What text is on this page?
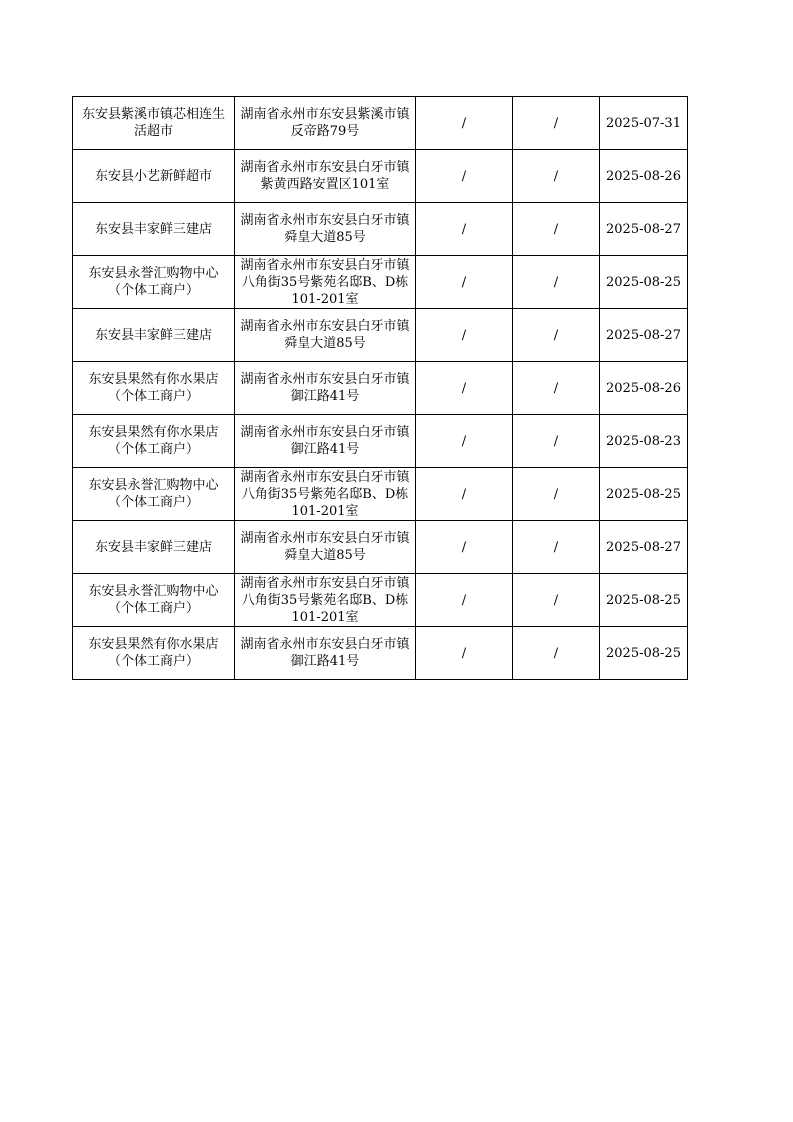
东安县紫溪市镇芯相连生活超市	湖南省永州市东安县紫溪市镇反帝路79号	/	/	2025-07-31
东安县小艺新鲜超市	湖南省永州市东安县白牙市镇紫黄西路安置区101室	/	/	2025-08-26
东安县丰家鲜三建店	湖南省永州市东安县白牙市镇舜皇大道85号	/	/	2025-08-27
东安县永誉汇购物中心（个体工商户）	湖南省永州市东安县白牙市镇八角街35号紫苑名邸B、D栋101-201室	/	/	2025-08-25
东安县丰家鲜三建店	湖南省永州市东安县白牙市镇舜皇大道85号	/	/	2025-08-27
东安县果然有你水果店（个体工商户）	湖南省永州市东安县白牙市镇御江路41号	/	/	2025-08-26
东安县果然有你水果店（个体工商户）	湖南省永州市东安县白牙市镇御江路41号	/	/	2025-08-23
东安县永誉汇购物中心（个体工商户）	湖南省永州市东安县白牙市镇八角街35号紫苑名邸B、D栋101-201室	/	/	2025-08-25
东安县丰家鲜三建店	湖南省永州市东安县白牙市镇舜皇大道85号	/	/	2025-08-27
东安县永誉汇购物中心（个体工商户）	湖南省永州市东安县白牙市镇八角街35号紫苑名邸B、D栋101-201室	/	/	2025-08-25
东安县果然有你水果店（个体工商户）	湖南省永州市东安县白牙市镇御江路41号	/	/	2025-08-25
